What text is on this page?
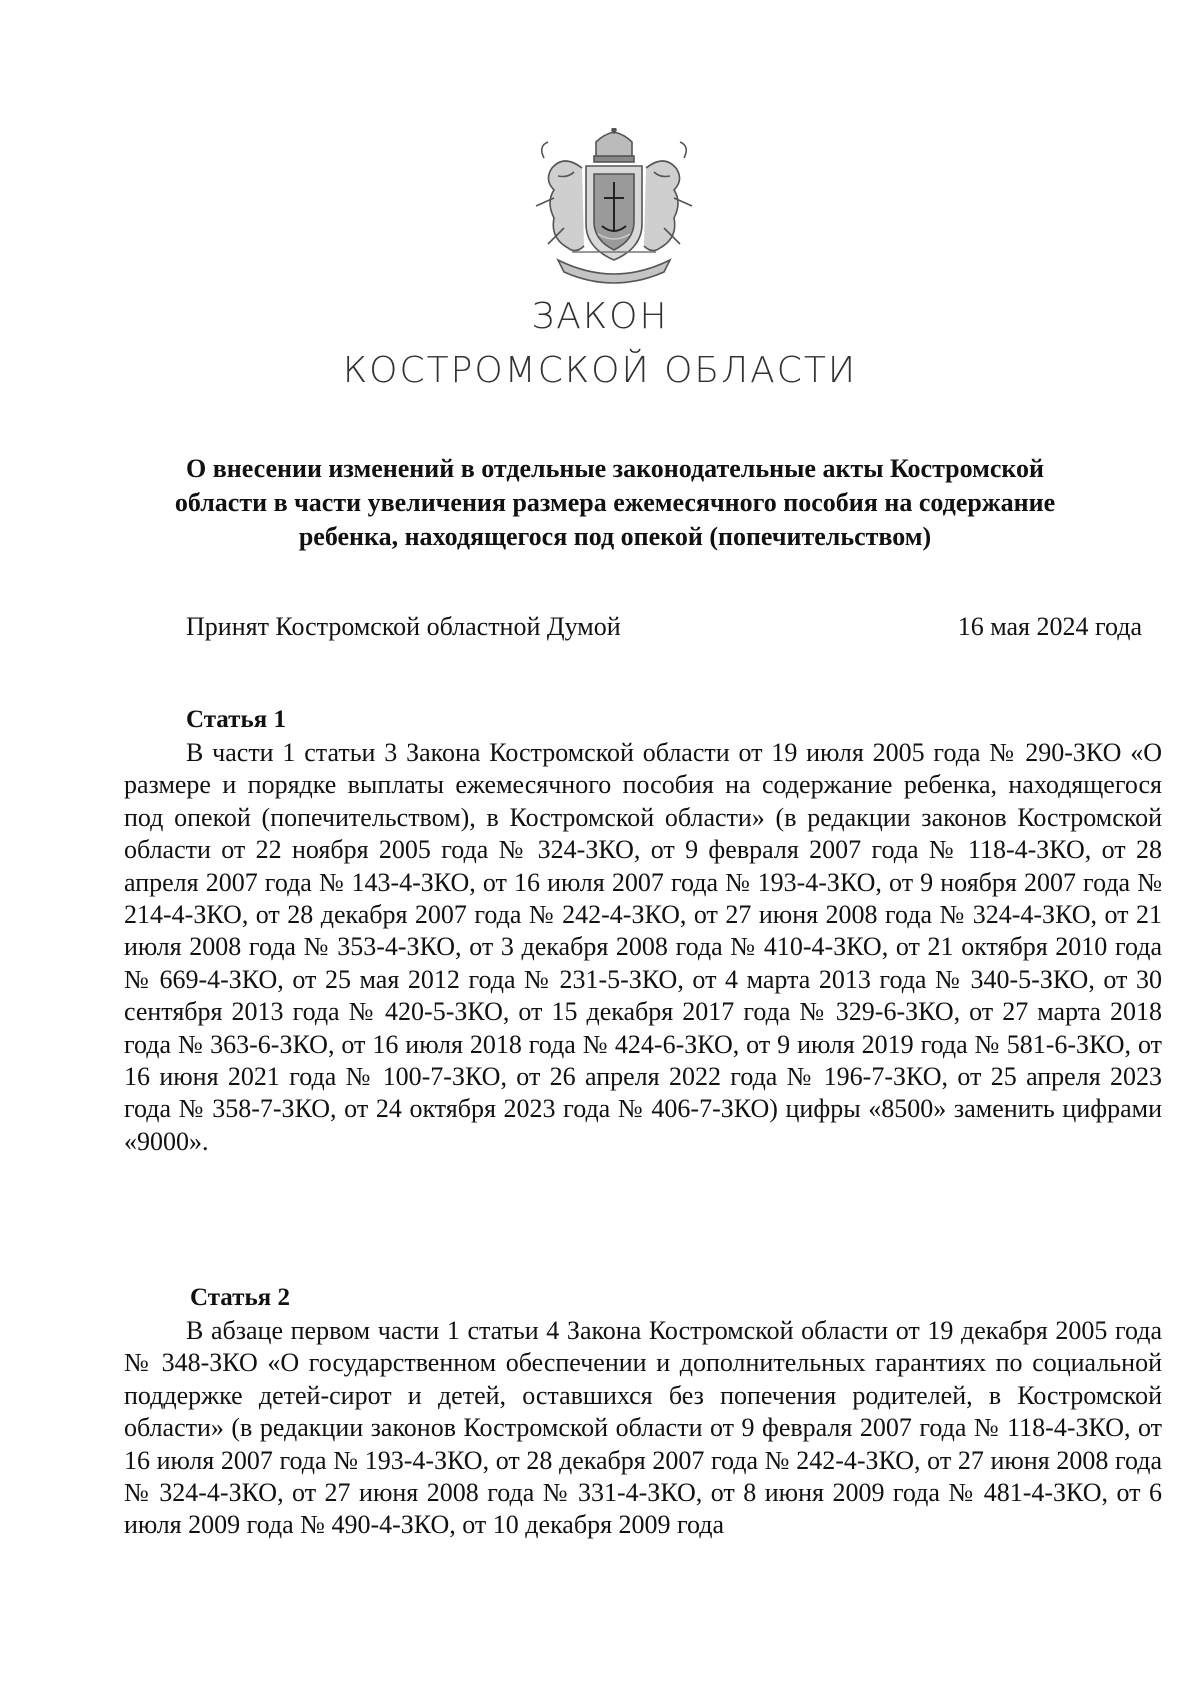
ЗАКОН
КОСТРОМСКОЙ ОБЛАСТИ
О внесении изменений в отдельные законодательные акты Костромской области в части увеличения размера ежемесячного пособия на содержание ребенка, находящегося под опекой (попечительством)
Принят Костромской областной Думой	16 мая 2024 года
Статья 1
В части 1 статьи 3 Закона Костромской области от 19 июля 2005 года № 290-ЗКО «О размере и порядке выплаты ежемесячного пособия на содержание ребенка, находящегося под опекой (попечительством), в Костромской области» (в редакции законов Костромской области от 22 ноября 2005 года № 324-ЗКО, от 9 февраля 2007 года № 118-4-ЗКО, от 28 апреля 2007 года № 143-4-ЗКО, от 16 июля 2007 года № 193-4-ЗКО, от 9 ноября 2007 года № 214-4-ЗКО, от 28 декабря 2007 года № 242-4-ЗКО, от 27 июня 2008 года № 324-4-ЗКО, от 21 июля 2008 года № 353-4-ЗКО, от 3 декабря 2008 года № 410-4-ЗКО, от 21 октября 2010 года № 669-4-ЗКО, от 25 мая 2012 года № 231-5-ЗКО, от 4 марта 2013 года № 340-5-ЗКО, от 30 сентября 2013 года № 420-5-ЗКО, от 15 декабря 2017 года № 329-6-ЗКО, от 27 марта 2018 года № 363-6-ЗКО, от 16 июля 2018 года № 424-6-ЗКО, от 9 июля 2019 года № 581-6-ЗКО, от 16 июня 2021 года № 100-7-ЗКО, от 26 апреля 2022 года № 196-7-ЗКО, от 25 апреля 2023 года № 358-7-ЗКО, от 24 октября 2023 года № 406-7-ЗКО) цифры «8500» заменить цифрами «9000».
Статья 2
В абзаце первом части 1 статьи 4 Закона Костромской области от 19 декабря 2005 года № 348-ЗКО «О государственном обеспечении и дополнительных гарантиях по социальной поддержке детей-сирот и детей, оставшихся без попечения родителей, в Костромской области» (в редакции законов Костромской области от 9 февраля 2007 года № 118-4-ЗКО, от 16 июля 2007 года № 193-4-ЗКО, от 28 декабря 2007 года № 242-4-ЗКО, от 27 июня 2008 года № 324-4-ЗКО, от 27 июня 2008 года № 331-4-ЗКО, от 8 июня 2009 года № 481-4-ЗКО, от 6 июля 2009 года № 490-4-ЗКО, от 10 декабря 2009 года
